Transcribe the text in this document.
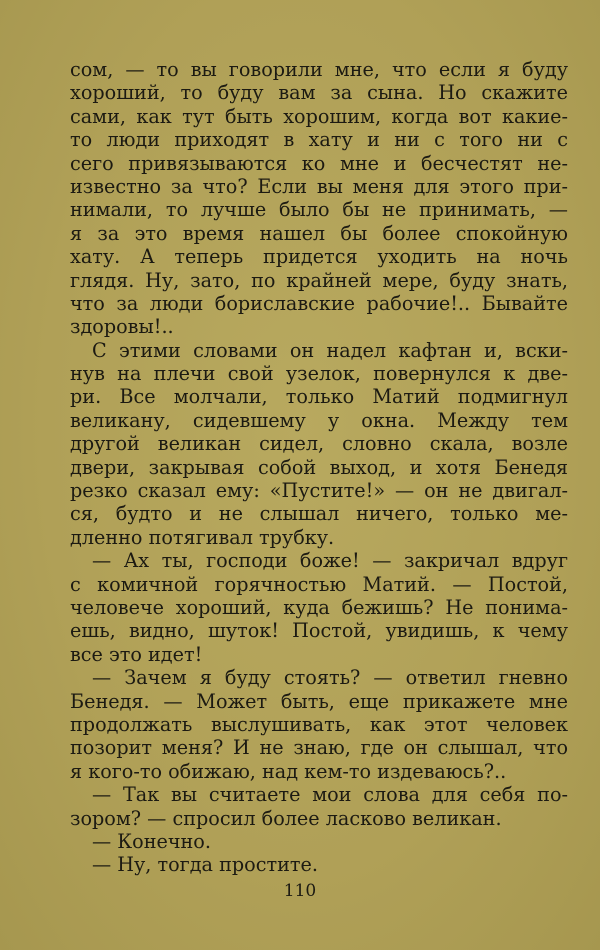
сом, — то вы говорили мне, что если я буду
хороший, то буду вам за сына. Но скажите
сами, как тут быть хорошим, когда вот какие-
то люди приходят в хату и ни с того ни с
сего привязываются ко мне и бесчестят не-
известно за что? Если вы меня для этого при-
нимали, то лучше было бы не принимать, —
я за это время нашел бы более спокойную
хату. А теперь придется уходить на ночь
глядя. Ну, зато, по крайней мере, буду знать,
что за люди бориславские рабочие!.. Бывайте
здоровы!..
С этими словами он надел кафтан и, вски-
нув на плечи свой узелок, повернулся к две-
ри. Все молчали, только Матий подмигнул
великану, сидевшему у окна. Между тем
другой великан сидел, словно скала, возле
двери, закрывая собой выход, и хотя Бенедя
резко сказал ему: «Пустите!» — он не двигал-
ся, будто и не слышал ничего, только ме-
дленно потягивал трубку.
— Ах ты, господи боже! — закричал вдруг
с комичной горячностью Матий. — Постой,
человече хороший, куда бежишь? Не понима-
ешь, видно, шуток! Постой, увидишь, к чему
все это идет!
— Зачем я буду стоять? — ответил гневно
Бенедя. — Может быть, еще прикажете мне
продолжать выслушивать, как этот человек
позорит меня? И не знаю, где он слышал, что
я кого-то обижаю, над кем-то издеваюсь?..
— Так вы считаете мои слова для себя по-
зором? — спросил более ласково великан.
— Конечно.
— Ну, тогда простите.
110
